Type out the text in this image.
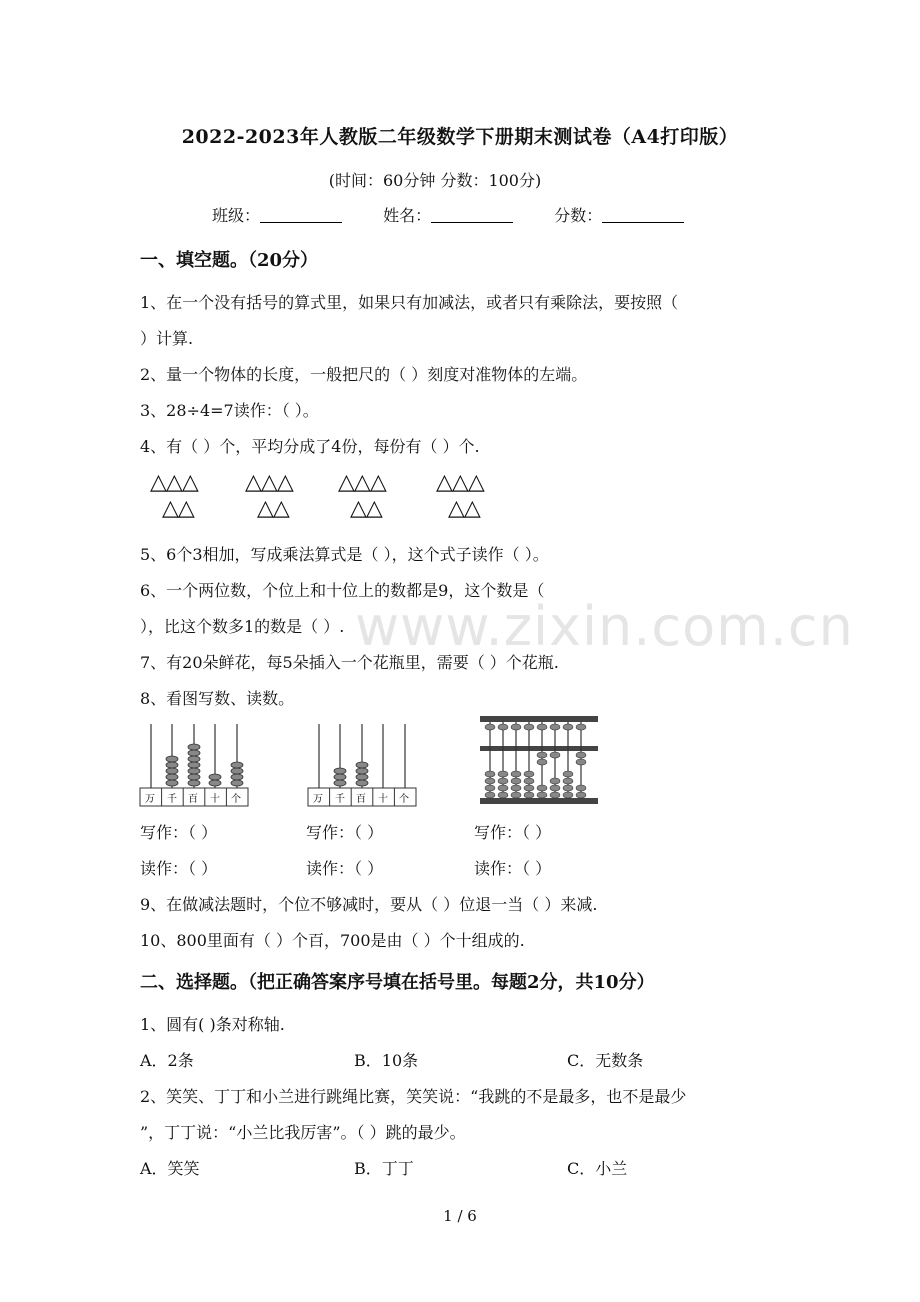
2022-2023年人教版二年级数学下册期末测试卷（A4打印版）
(时间：60分钟 分数：100分)
班级：	姓名：	分数：
一、填空题。（20分）
1、在一个没有括号的算式里，如果只有加减法，或者只有乘除法，要按照（
）计算.
2、量一个物体的长度，一般把尺的（ ）刻度对准物体的左端。
3、28÷4=7读作：（ ）。
4、有（ ）个，平均分成了4份，每份有（ ）个.
△△△
△△
△△△
△△
△△△
△△
△△△
△△
5、6个3相加，写成乘法算式是（ ），这个式子读作（ ）。
6、一个两位数，个位上和十位上的数都是9，这个数是（
），比这个数多1的数是（ ）. www.zixin.com.cn
7、有20朵鲜花，每5朵插入一个花瓶里，需要（ ）个花瓶.
8、看图写数、读数。
万 千 百 十 个	万 千 百 十 个
写作：（ ）	写作：（ ）	写作：（ ）
读作：（ ）	读作：（ ）	读作：（ ）
9、在做减法题时，个位不够减时，要从（ ）位退一当（ ）来减.
10、800里面有（ ）个百，700是由（ ）个十组成的.
二、选择题。（把正确答案序号填在括号里。每题2分，共10分）
1、圆有( )条对称轴.
A．2条	B．10条	C．无数条
2、笑笑、丁丁和小兰进行跳绳比赛，笑笑说：“我跳的不是最多，也不是最少
”，丁丁说：“小兰比我厉害”。（ ）跳的最少。
A．笑笑	B．丁丁	C．小兰
1 / 6
